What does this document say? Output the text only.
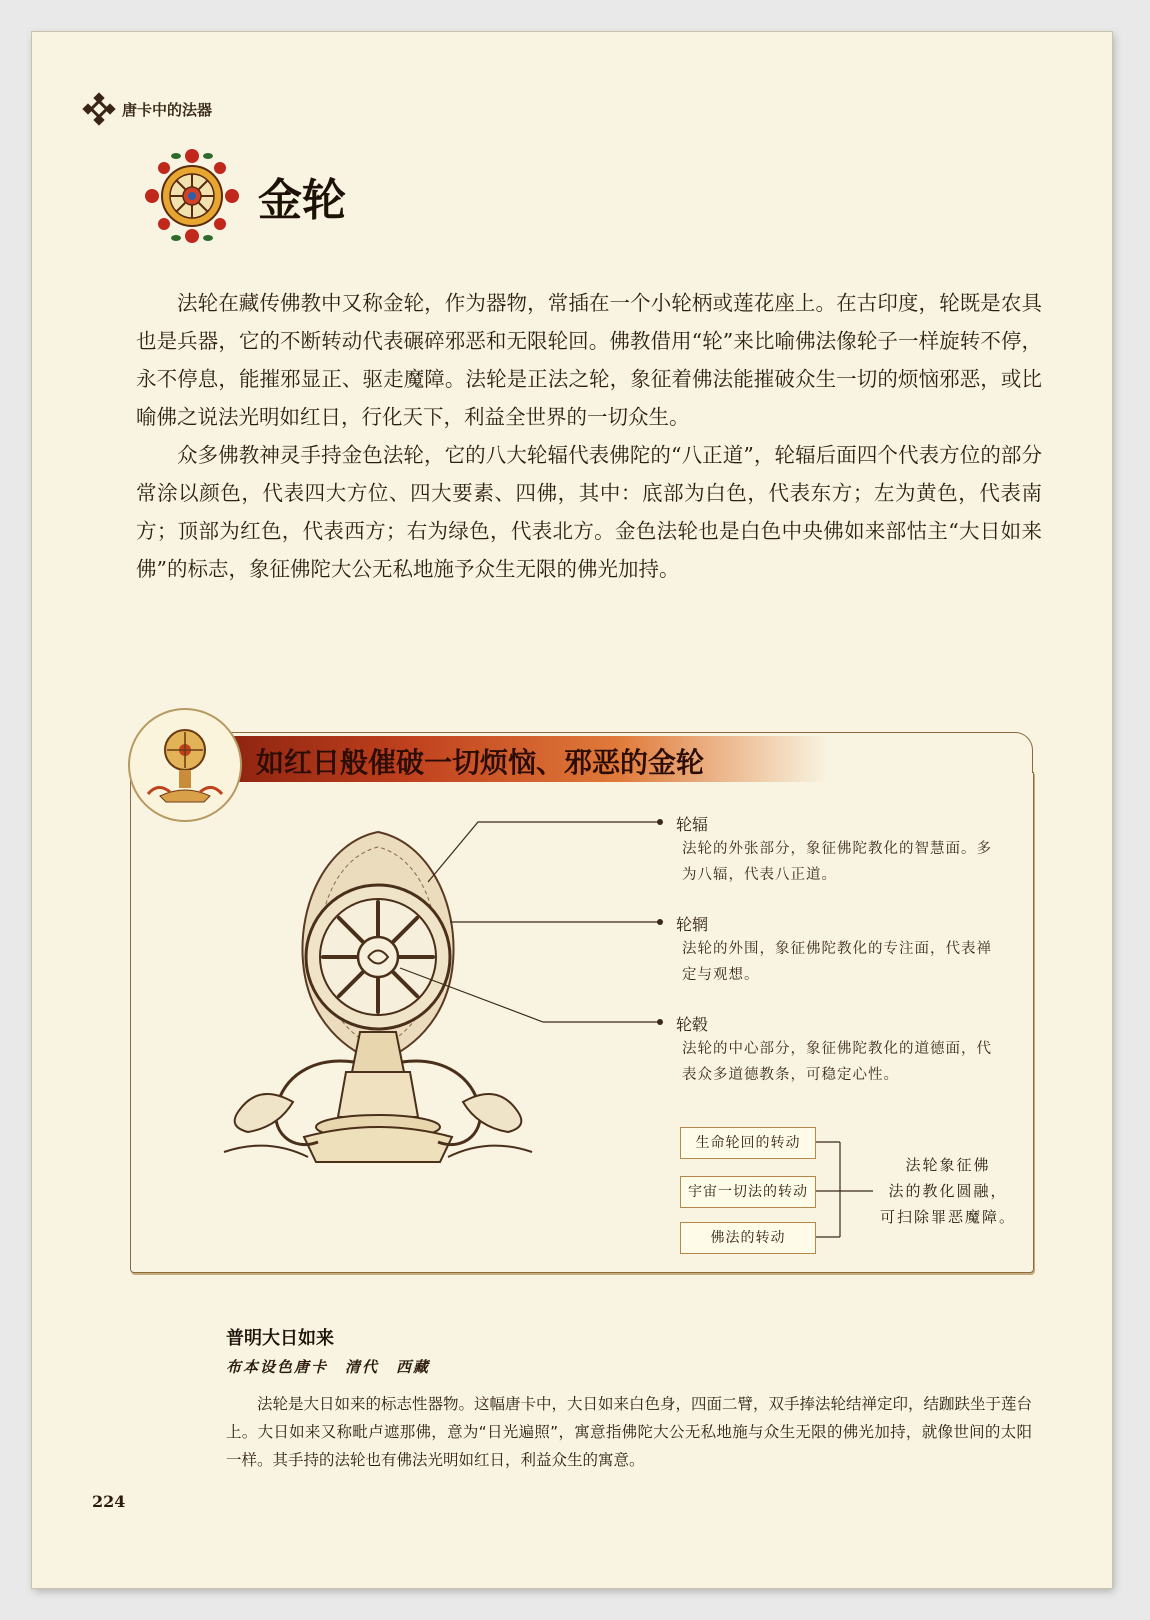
唐卡中的法器
金轮

法轮在藏传佛教中又称金轮，作为器物，常插在一个小轮柄或莲花座上。在古印度，轮既是农具也是兵器，它的不断转动代表碾碎邪恶和无限轮回。佛教借用“轮”来比喻佛法像轮子一样旋转不停，永不停息，能摧邪显正、驱走魔障。法轮是正法之轮，象征着佛法能摧破众生一切的烦恼邪恶，或比喻佛之说法光明如红日，行化天下，利益全世界的一切众生。

众多佛教神灵手持金色法轮，它的八大轮辐代表佛陀的“八正道”，轮辐后面四个代表方位的部分常涂以颜色，代表四大方位、四大要素、四佛，其中：底部为白色，代表东方；左为黄色，代表南方；顶部为红色，代表西方；右为绿色，代表北方。金色法轮也是白色中央佛如来部怙主“大日如来佛”的标志，象征佛陀大公无私地施予众生无限的佛光加持。

如红日般催破一切烦恼、邪恶的金轮
轮辐
法轮的外张部分，象征佛陀教化的智慧面。多为八辐，代表八正道。
轮辋
法轮的外围，象征佛陀教化的专注面，代表禅定与观想。
轮毂
法轮的中心部分，象征佛陀教化的道德面，代表众多道德教条，可稳定心性。
生命轮回的转动
宇宙一切法的转动
佛法的转动
法轮象征佛
法的教化圆融，
可扫除罪恶魔障。
普明大日如来
布本设色唐卡　清代　西藏

法轮是大日如来的标志性器物。这幅唐卡中，大日如来白色身，四面二臂，双手捧法轮结禅定印，结跏趺坐于莲台上。大日如来又称毗卢遮那佛，意为“日光遍照”，寓意指佛陀大公无私地施与众生无限的佛光加持，就像世间的太阳一样。其手持的法轮也有佛法光明如红日，利益众生的寓意。

224
